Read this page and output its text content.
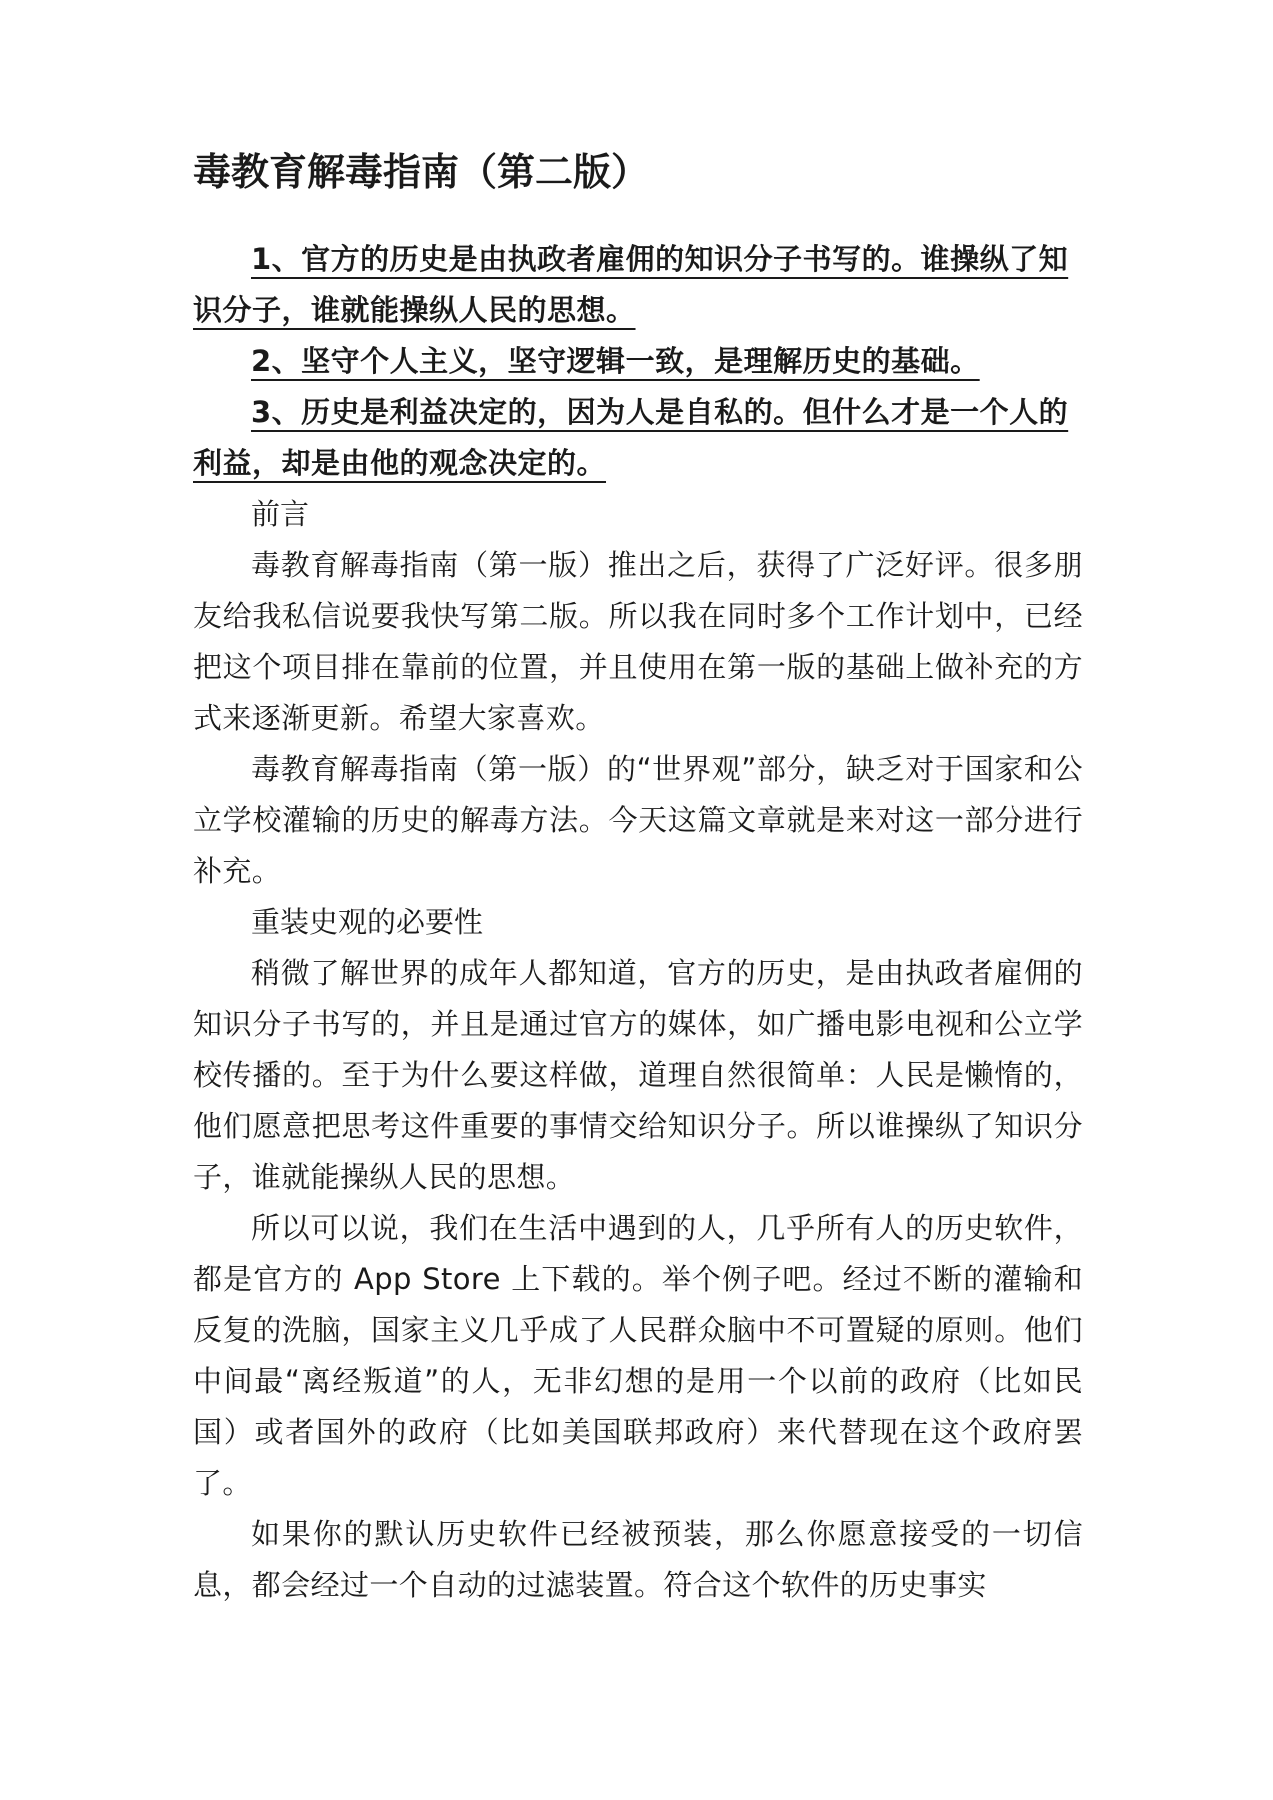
毒教育解毒指南（第二版）

1、官方的历史是由执政者雇佣的知识分子书写的。谁操纵了知识分子，谁就能操纵人民的思想。

2、坚守个人主义，坚守逻辑一致，是理解历史的基础。

3、历史是利益决定的，因为人是自私的。但什么才是一个人的利益，却是由他的观念决定的。

前言

毒教育解毒指南（第一版）推出之后，获得了广泛好评。很多朋友给我私信说要我快写第二版。所以我在同时多个工作计划中，已经把这个项目排在靠前的位置，并且使用在第一版的基础上做补充的方式来逐渐更新。希望大家喜欢。

毒教育解毒指南（第一版）的“世界观”部分，缺乏对于国家和公立学校灌输的历史的解毒方法。今天这篇文章就是来对这一部分进行补充。

重装史观的必要性

稍微了解世界的成年人都知道，官方的历史，是由执政者雇佣的知识分子书写的，并且是通过官方的媒体，如广播电影电视和公立学校传播的。至于为什么要这样做，道理自然很简单：人民是懒惰的，他们愿意把思考这件重要的事情交给知识分子。所以谁操纵了知识分子，谁就能操纵人民的思想。

所以可以说，我们在生活中遇到的人，几乎所有人的历史软件，都是官方的 App Store 上下载的。举个例子吧。经过不断的灌输和反复的洗脑，国家主义几乎成了人民群众脑中不可置疑的原则。他们中间最“离经叛道”的人，无非幻想的是用一个以前的政府（比如民国）或者国外的政府（比如美国联邦政府）来代替现在这个政府罢了。

如果你的默认历史软件已经被预装，那么你愿意接受的一切信息，都会经过一个自动的过滤装置。符合这个软件的历史事实
